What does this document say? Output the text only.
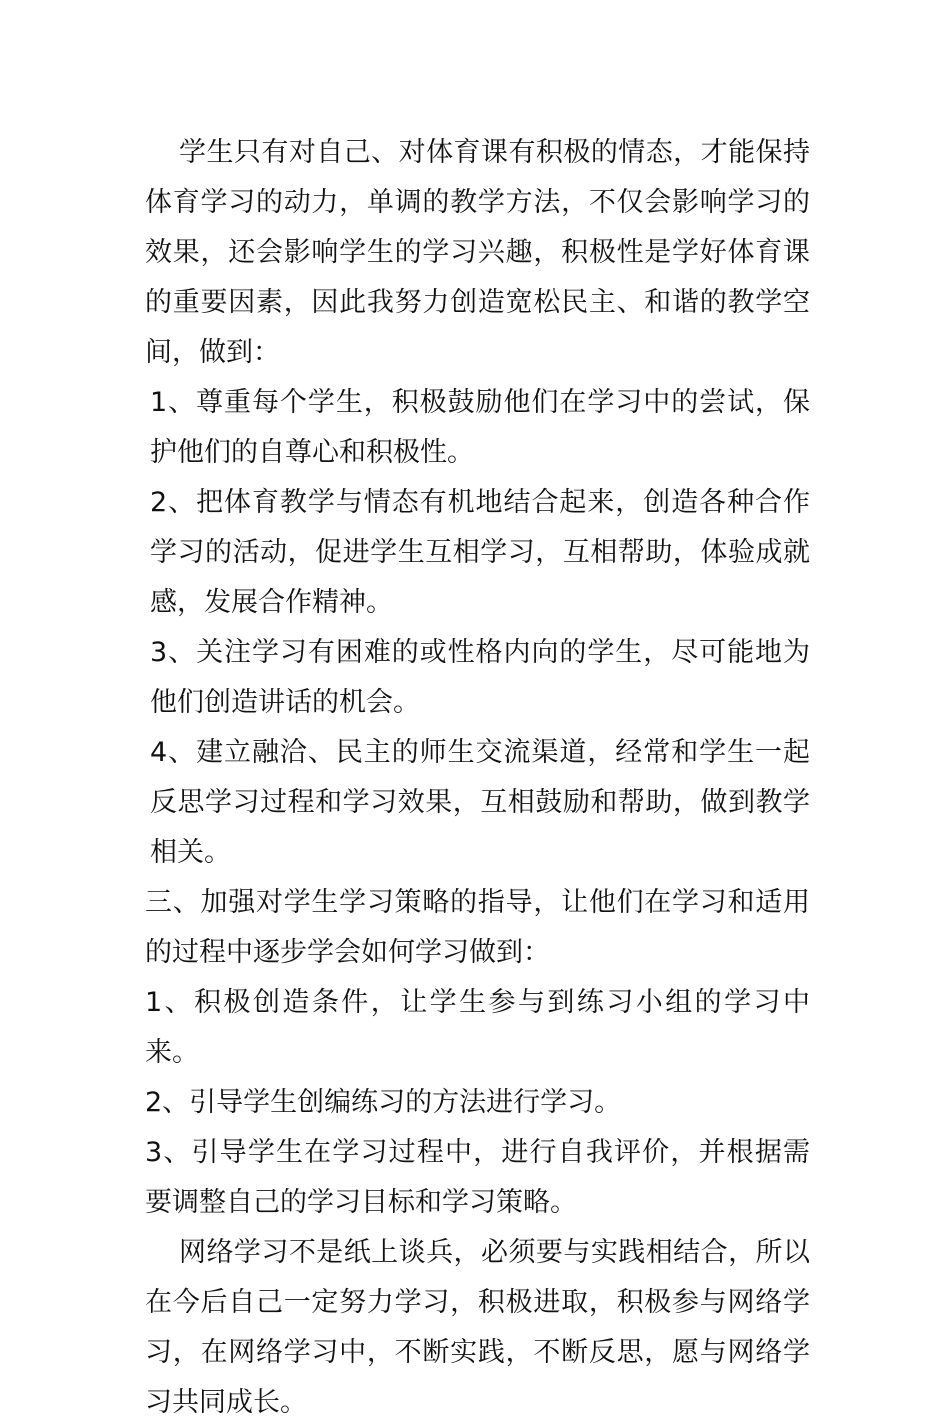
学生只有对自己、对体育课有积极的情态，才能保持体育学习的动力，单调的教学方法，不仅会影响学习的效果，还会影响学生的学习兴趣，积极性是学好体育课的重要因素，因此我努力创造宽松民主、和谐的教学空间，做到：

1、尊重每个学生，积极鼓励他们在学习中的尝试，保护他们的自尊心和积极性。

2、把体育教学与情态有机地结合起来，创造各种合作学习的活动，促进学生互相学习，互相帮助，体验成就感，发展合作精神。

3、关注学习有困难的或性格内向的学生，尽可能地为他们创造讲话的机会。

4、建立融洽、民主的师生交流渠道，经常和学生一起反思学习过程和学习效果，互相鼓励和帮助，做到教学相关。

三、加强对学生学习策略的指导，让他们在学习和适用的过程中逐步学会如何学习做到：

1、积极创造条件，让学生参与到练习小组的学习中来。

2、引导学生创编练习的方法进行学习。

3、引导学生在学习过程中，进行自我评价，并根据需要调整自己的学习目标和学习策略。

网络学习不是纸上谈兵，必须要与实践相结合，所以在今后自己一定努力学习，积极进取，积极参与网络学习，在网络学习中，不断实践，不断反思，愿与网络学习共同成长。
